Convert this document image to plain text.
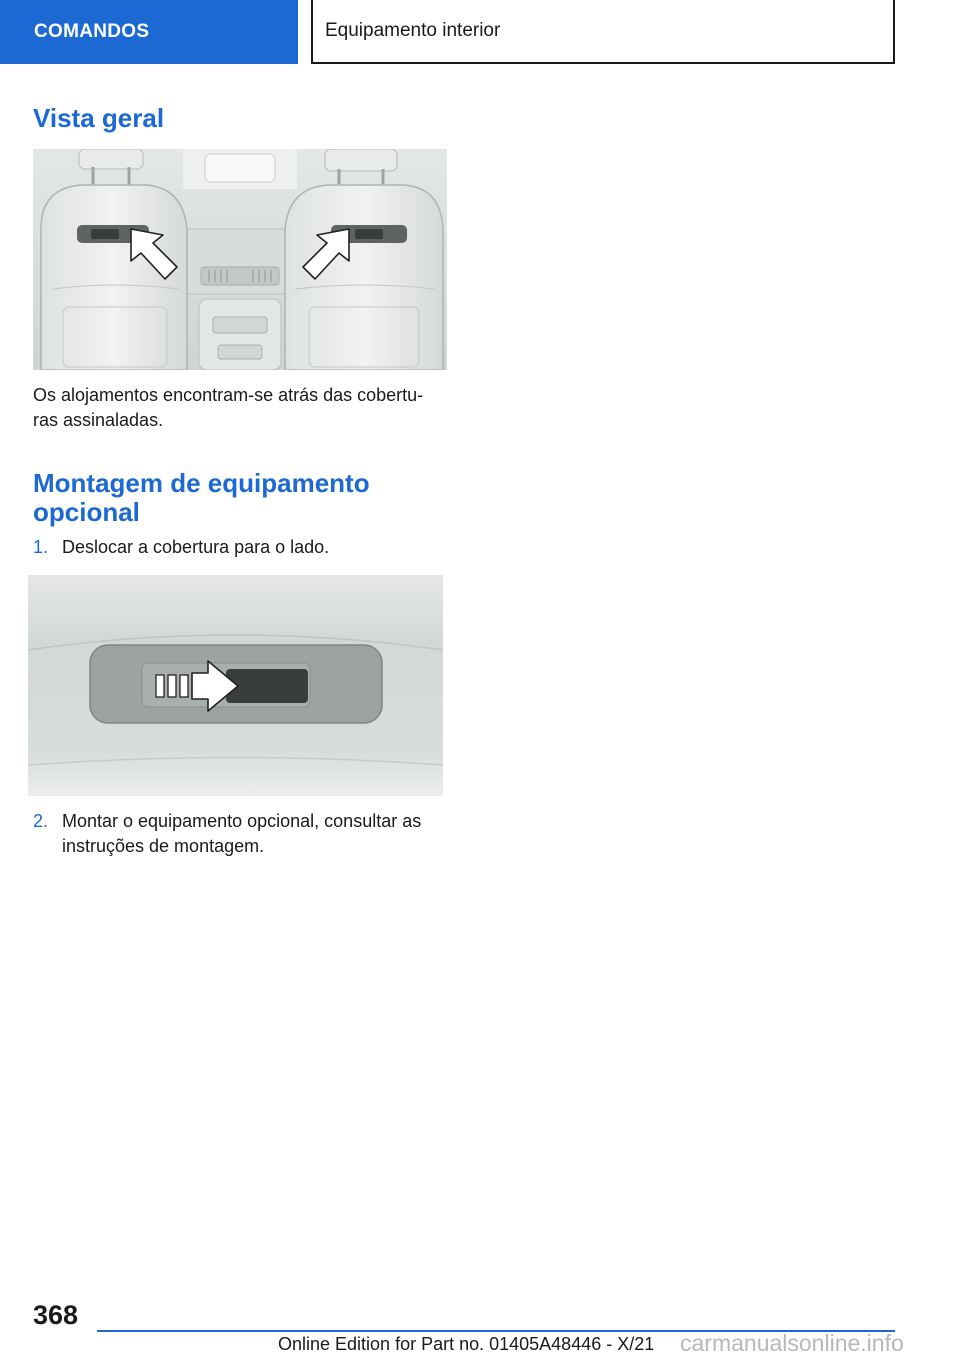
COMANDOS	Equipamento interior
Vista geral

Os alojamentos encontram-se atrás das cobertu-ras assinaladas.

Montagem de equipamento opcional
1. Deslocar a cobertura para o lado.
2. Montar o equipamento opcional, consultar as instruções de montagem.
368
Online Edition for Part no. 01405A48446 - X/21 carmanualsonline.info
